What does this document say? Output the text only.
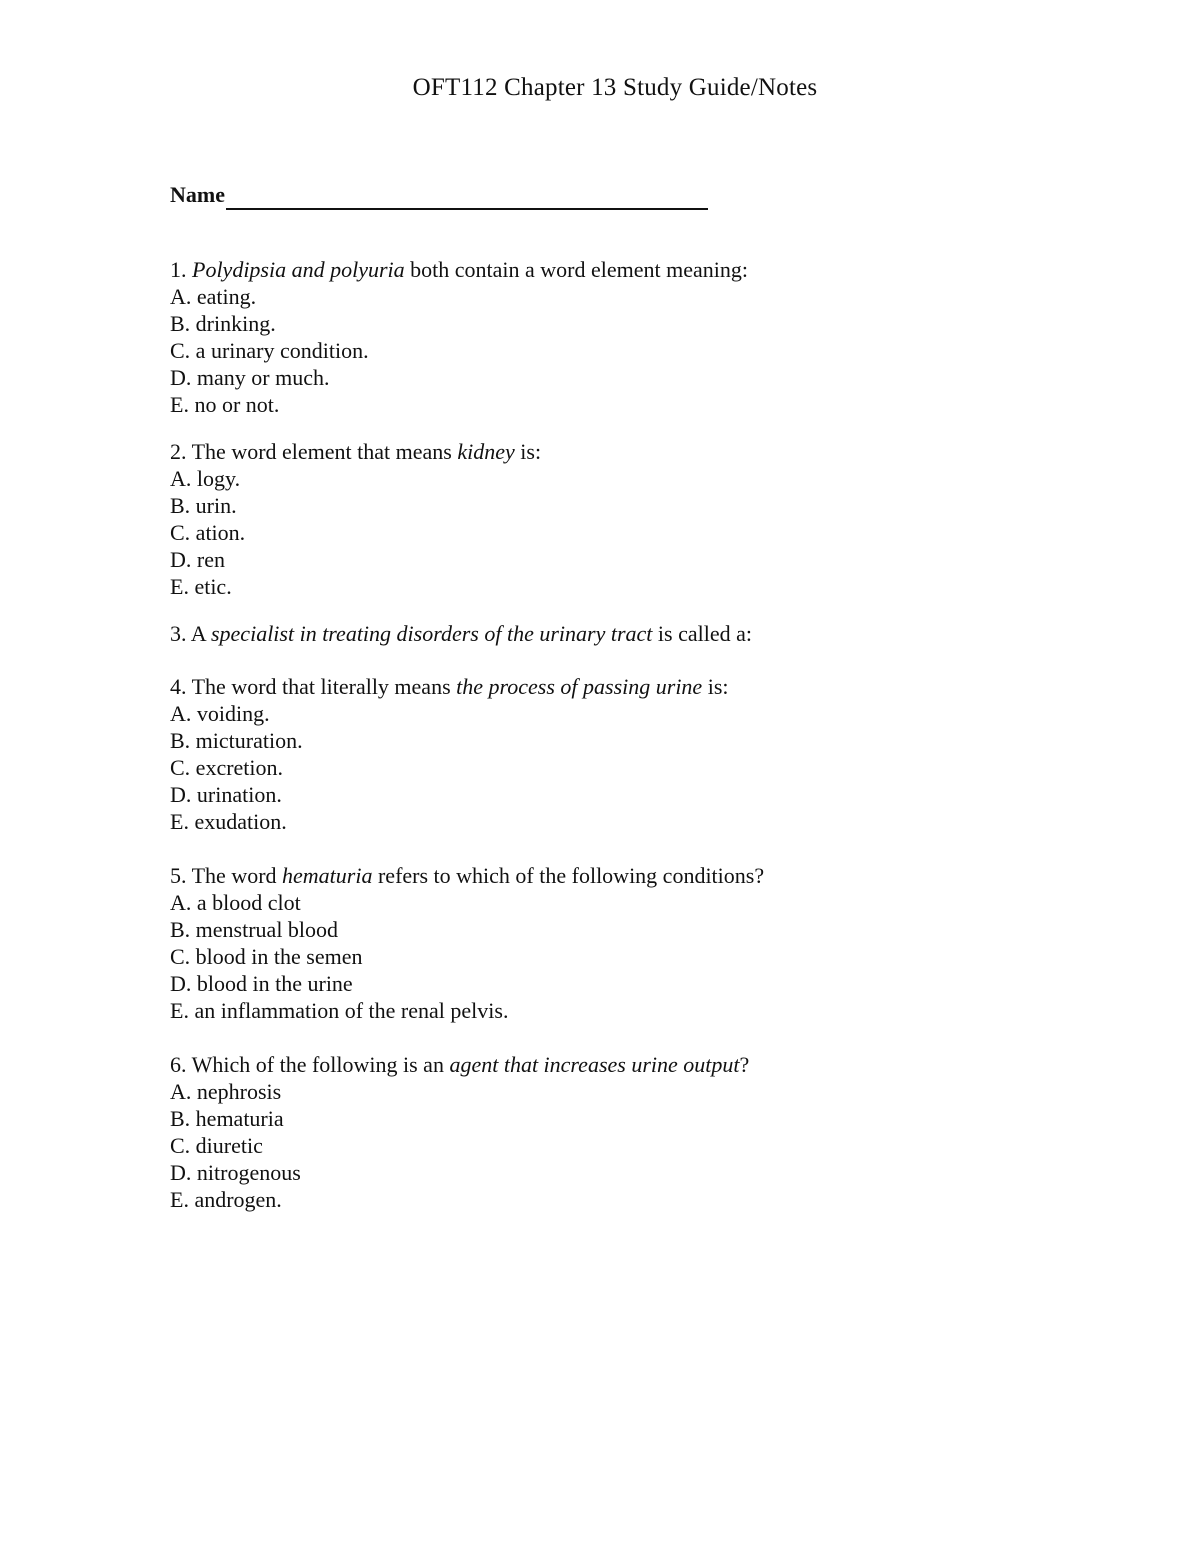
OFT112 Chapter 13 Study Guide/Notes
Name
1. Polydipsia and polyuria both contain a word element meaning:
A. eating.
B. drinking.
C. a urinary condition.
D. many or much.
E. no or not.
2. The word element that means kidney is:
A. logy.
B. urin.
C. ation.
D. ren
E. etic.
3. A specialist in treating disorders of the urinary tract is called a:
4. The word that literally means the process of passing urine is:
A. voiding.
B. micturation.
C. excretion.
D. urination.
E. exudation.
5. The word hematuria refers to which of the following conditions?
A. a blood clot
B. menstrual blood
C. blood in the semen
D. blood in the urine
E. an inflammation of the renal pelvis.
6. Which of the following is an agent that increases urine output?
A. nephrosis
B. hematuria
C. diuretic
D. nitrogenous
E. androgen.
